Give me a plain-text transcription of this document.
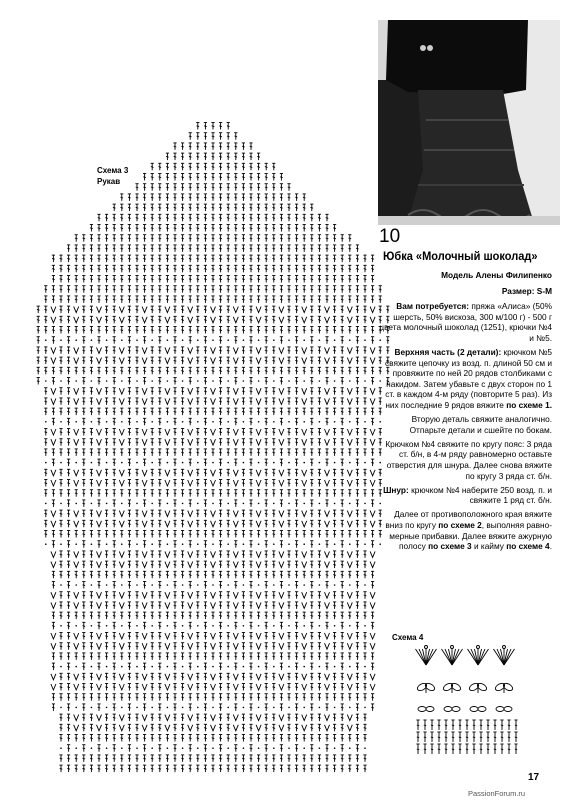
Схема 3
Рукав
10
Юбка «Молочный шоколад»

Модель Алены Филипенко

Размер: S-M

Вам потребуется: пряжа «Алиса» (50% шерсть, 50% вискоза, 300 м/100 г) - 500 г цвета молочный шоколад (1251), крючки №4 и №5.

Верхняя часть (2 детали): крючком №5 свяжите цепочку из возд. п. длиной 50 см и провяжите по ней 20 рядов столбиками с накидом. Затем убавьте с двух сторон по 1 ст. в каждом 4-м ряду (повторите 5 раз). Из них последние 9 рядов вяжите по схеме 1.

Вторую деталь свяжите аналогично. Отпарьте детали и сшейте по бокам.

Крючком №4 свяжите по кругу пояс: 3 ряда ст. б/н, в 4-м ряду равномерно оставьте отверстия для шнура. Далее снова вяжите по кругу 3 ряда ст. б/н.

Шнур: крючком №4 наберите 250 возд. п. и свяжите 1 ряд ст. б/н.

Далее от противоположного края вяжите вниз по кругу по схеме 2, выполняя равномерные прибавки. Далее вяжите ажурную полосу по схеме 3 и кайму по схеме 4.

Схема 4
17
PassionForum.ru
